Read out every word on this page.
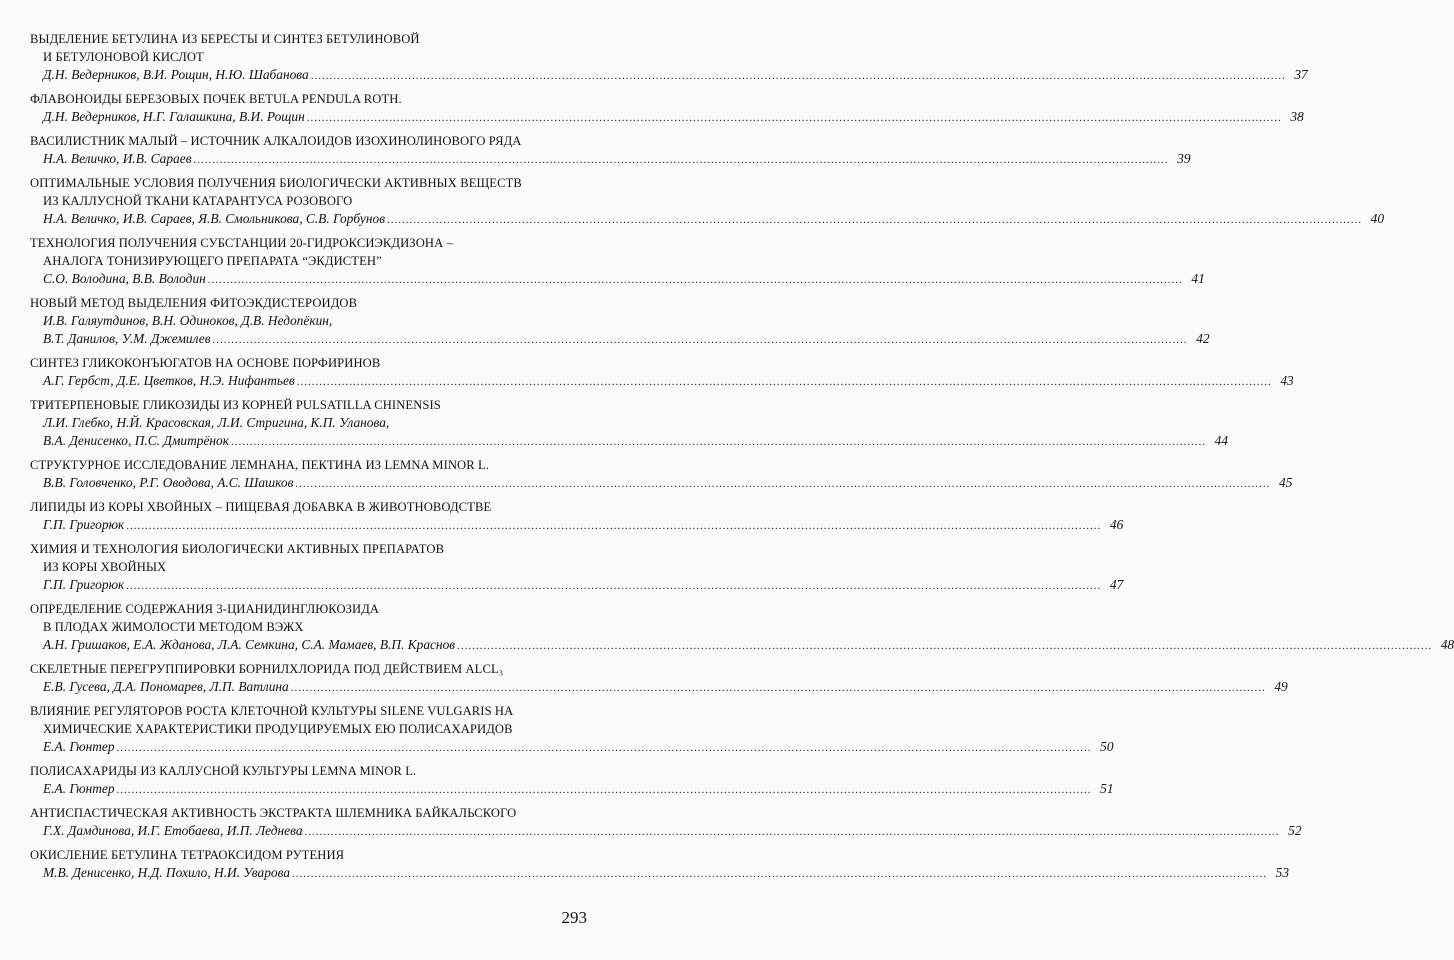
ВЫДЕЛЕНИЕ БЕТУЛИНА ИЗ БЕРЕСТЫ И СИНТЕЗ БЕТУЛИНОВОЙ
И БЕТУЛОНОВОЙ КИСЛОТ
Д.Н. Ведерников, В.И. Рощин, Н.Ю. Шабанова .................................................................................................................................................................................................................................................................... 37
ФЛАВОНОИДЫ БЕРЕЗОВЫХ ПОЧЕК BETULA PENDULA ROTH.
Д.Н. Ведерников, Н.Г. Галашкина, В.И. Рощин .................................................................................................................................................................................................................................................................... 38
ВАСИЛИСТНИК МАЛЫЙ – ИСТОЧНИК АЛКАЛОИДОВ ИЗОХИНОЛИНОВОГО РЯДА
Н.А. Величко, И.В. Сараев .................................................................................................................................................................................................................................................................... 39
ОПТИМАЛЬНЫЕ УСЛОВИЯ ПОЛУЧЕНИЯ БИОЛОГИЧЕСКИ АКТИВНЫХ ВЕЩЕСТВ
ИЗ КАЛЛУСНОЙ ТКАНИ КАТАРАНТУСА РОЗОВОГО
Н.А. Величко, И.В. Сараев, Я.В. Смольникова, С.В. Горбунов .................................................................................................................................................................................................................................................................... 40
ТЕХНОЛОГИЯ ПОЛУЧЕНИЯ СУБСТАНЦИИ 20-ГИДРОКСИЭКДИЗОНА –
АНАЛОГА ТОНИЗИРУЮЩЕГО ПРЕПАРАТА “ЭКДИСТЕН”
С.О. Володина, В.В. Володин .................................................................................................................................................................................................................................................................... 41
НОВЫЙ МЕТОД ВЫДЕЛЕНИЯ ФИТОЭКДИСТЕРОИДОВ
И.В. Галяутдинов, В.Н. Одиноков, Д.В. Недопёкин,
В.Т. Данилов, У.М. Джемилев .................................................................................................................................................................................................................................................................... 42
СИНТЕЗ ГЛИКОКОНЪЮГАТОВ НА ОСНОВЕ ПОРФИРИНОВ
А.Г. Гербст, Д.Е. Цветков, Н.Э. Нифантьев .................................................................................................................................................................................................................................................................... 43
ТРИТЕРПЕНОВЫЕ ГЛИКОЗИДЫ ИЗ КОРНЕЙ PULSATILLA CHINENSIS
Л.И. Глебко, Н.Й. Красовская, Л.И. Стригина, К.П. Уланова,
В.А. Денисенко, П.С. Дмитрёнок .................................................................................................................................................................................................................................................................... 44
СТРУКТУРНОЕ ИССЛЕДОВАНИЕ ЛЕМНАНА, ПЕКТИНА ИЗ LEMNA MINOR L.
В.В. Головченко, Р.Г. Оводова, А.С. Шашков .................................................................................................................................................................................................................................................................... 45
ЛИПИДЫ ИЗ КОРЫ ХВОЙНЫХ – ПИЩЕВАЯ ДОБАВКА В ЖИВОТНОВОДСТВЕ
Г.П. Григорюк .................................................................................................................................................................................................................................................................... 46
ХИМИЯ И ТЕХНОЛОГИЯ БИОЛОГИЧЕСКИ АКТИВНЫХ ПРЕПАРАТОВ
ИЗ КОРЫ ХВОЙНЫХ
Г.П. Григорюк .................................................................................................................................................................................................................................................................... 47
ОПРЕДЕЛЕНИЕ СОДЕРЖАНИЯ 3-ЦИАНИДИНГЛЮКОЗИДА
В ПЛОДАХ ЖИМОЛОСТИ МЕТОДОМ ВЭЖХ
А.Н. Гришаков, Е.А. Жданова, Л.А. Семкина, С.А. Мамаев, В.П. Краснов .................................................................................................................................................................................................................................................................... 48
СКЕЛЕТНЫЕ ПЕРЕГРУППИРОВКИ БОРНИЛХЛОРИДА ПОД ДЕЙСТВИЕМ ALCL₃
Е.В. Гусева, Д.А. Пономарев, Л.П. Ватлина .................................................................................................................................................................................................................................................................... 49
ВЛИЯНИЕ РЕГУЛЯТОРОВ РОСТА КЛЕТОЧНОЙ КУЛЬТУРЫ SILENE VULGARIS НА
ХИМИЧЕСКИЕ ХАРАКТЕРИСТИКИ ПРОДУЦИРУЕМЫХ ЕЮ ПОЛИСАХАРИДОВ
Е.А. Гюнтер .................................................................................................................................................................................................................................................................... 50
ПОЛИСАХАРИДЫ ИЗ КАЛЛУСНОЙ КУЛЬТУРЫ LEMNA MINOR L.
Е.А. Гюнтер .................................................................................................................................................................................................................................................................... 51
АНТИСПАСТИЧЕСКАЯ АКТИВНОСТЬ ЭКСТРАКТА ШЛЕМНИКА БАЙКАЛЬСКОГО
Г.Х. Дамдинова, И.Г. Етобаева, И.П. Леднева .................................................................................................................................................................................................................................................................... 52
ОКИСЛЕНИЕ БЕТУЛИНА ТЕТРАОКСИДОМ РУТЕНИЯ
М.В. Денисенко, Н.Д. Похило, Н.И. Уварова .................................................................................................................................................................................................................................................................... 53
293
